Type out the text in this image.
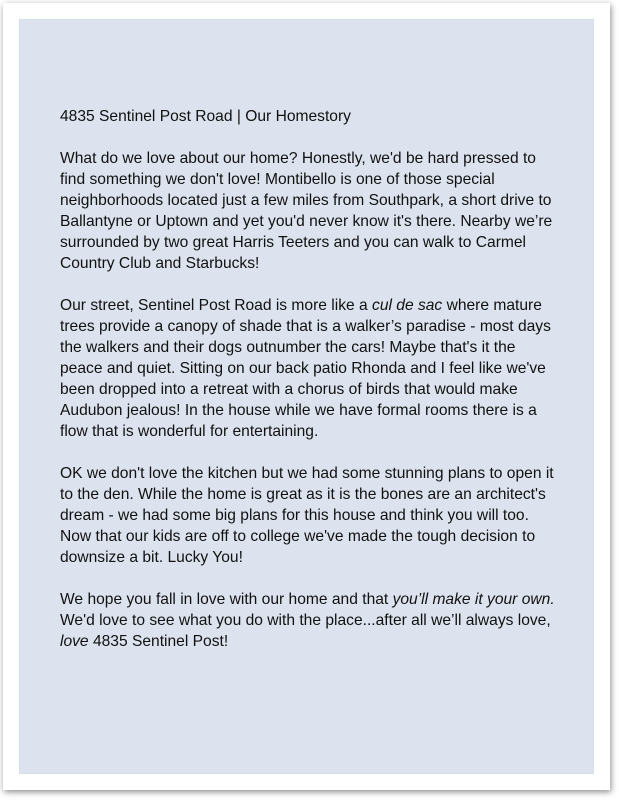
4835 Sentinel Post Road | Our Homestory

What do we love about our home? Honestly, we'd be hard pressed to find something we don't love! Montibello is one of those special neighborhoods located just a few miles from Southpark, a short drive to Ballantyne or Uptown and yet you'd never know it's there. Nearby we’re surrounded by two great Harris Teeters and you can walk to Carmel Country Club and Starbucks!

Our street, Sentinel Post Road is more like a cul de sac where mature trees provide a canopy of shade that is a walker’s paradise - most days the walkers and their dogs outnumber the cars! Maybe that's it the peace and quiet. Sitting on our back patio Rhonda and I feel like we've been dropped into a retreat with a chorus of birds that would make Audubon jealous! In the house while we have formal rooms there is a flow that is wonderful for entertaining.

OK we don't love the kitchen but we had some stunning plans to open it to the den. While the home is great as it is the bones are an architect's dream - we had some big plans for this house and think you will too. Now that our kids are off to college we've made the tough decision to downsize a bit. Lucky You!

We hope you fall in love with our home and that you’ll make it your own. We'd love to see what you do with the place...after all we’ll always love, love 4835 Sentinel Post!
